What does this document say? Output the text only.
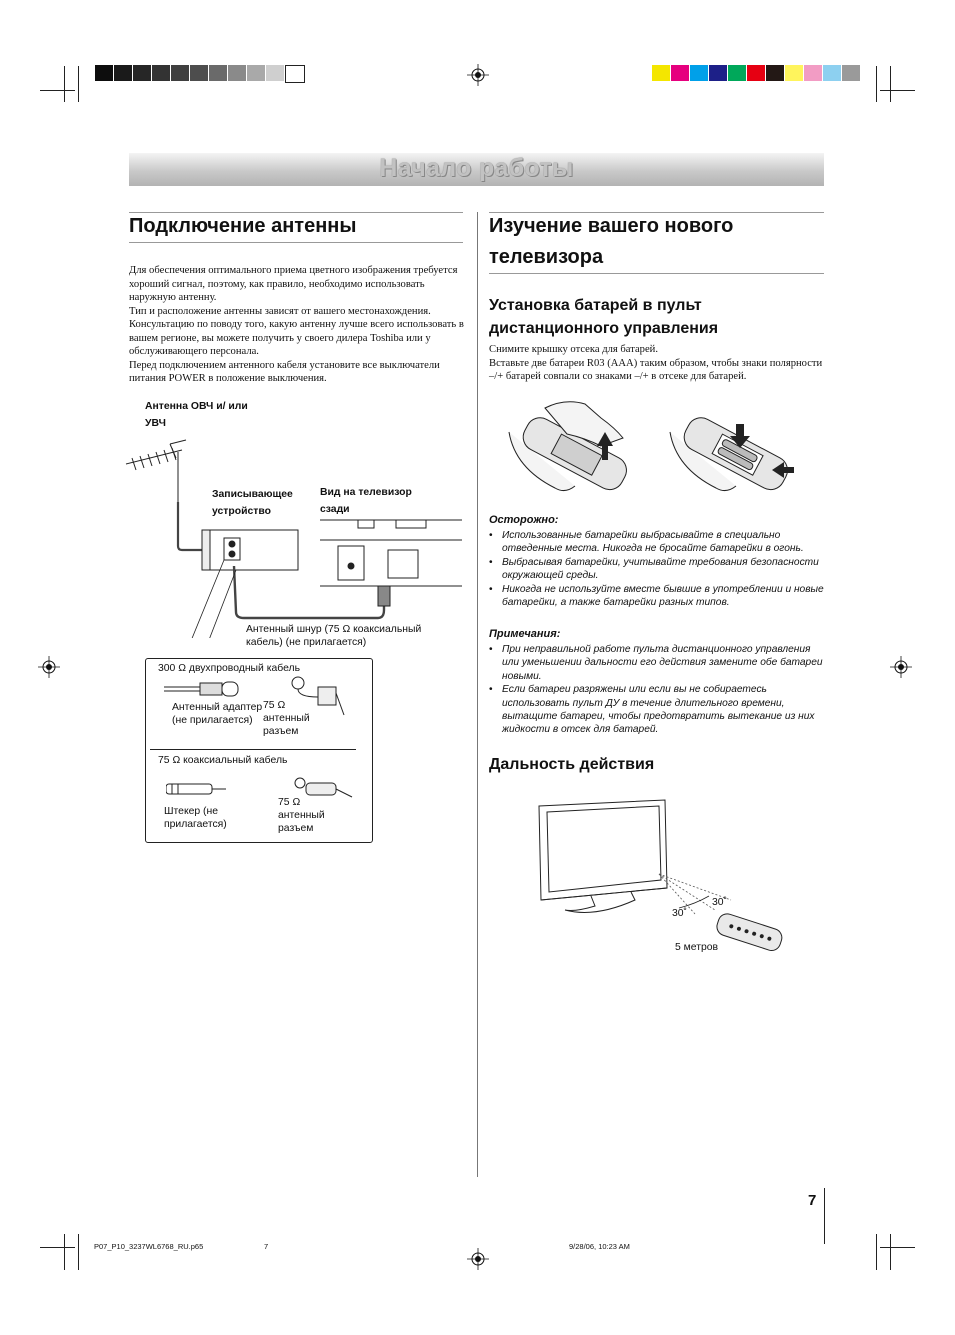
Начало работы
Подключение антенны
Для обеспечения оптимального приема цветного изображения требуется хороший сигнал, поэтому, как правило, необходимо использовать наружную антенну.
Тип и расположение антенны зависят от вашего местонахождения. Консультацию по поводу того, какую антенну лучше всего использовать в вашем регионе, вы можете получить у своего дилера Toshiba или у обслуживающего персонала.
Перед подключением антенного кабеля установите все выключатели питания POWER в положение выключения.
Антенна ОВЧ и/ или УВЧ
Записывающее устройство
Вид на телевизор сзади
Антенный шнур (75 Ω коаксиальный кабель) (не прилагается)
300 Ω двухпроводный кабель
Антенный адаптер (не прилагается)
75 Ω антенный разъем
75 Ω коаксиальный кабель
Штекер (не прилагается)
75 Ω антенный разъем
Изучение вашего нового телевизора
Установка батарей в пульт дистанционного управления
Снимите крышку отсека для батарей.
Вставьте две батареи R03 (AAA) таким образом, чтобы знаки полярности –/+ батарей совпали со знаками –/+ в отсеке для батарей.
Осторожно:
• Использованные батарейки выбрасывайте в специально отведенные места. Никогда не бросайте батарейки в огонь.
• Выбрасывая батарейки, учитывайте требования безопасности окружающей среды.
• Никогда не используйте вместе бывшие в употреблении и новые батарейки, а также батарейки разных типов.
Примечания:
• При неправильной работе пульта дистанционного управления или уменьшении дальности его действия замените обе батареи новыми.
• Если батареи разряжены или если вы не собираетесь использовать пульт ДУ в течение длительного времени, вытащите батареи, чтобы предотвратить вытекание из них жидкости в отсек для батарей.
Дальность действия
30˚
30˚
5 метров
7
P07_P10_3237WL6768_RU.p65	7	9/28/06, 10:23 AM
